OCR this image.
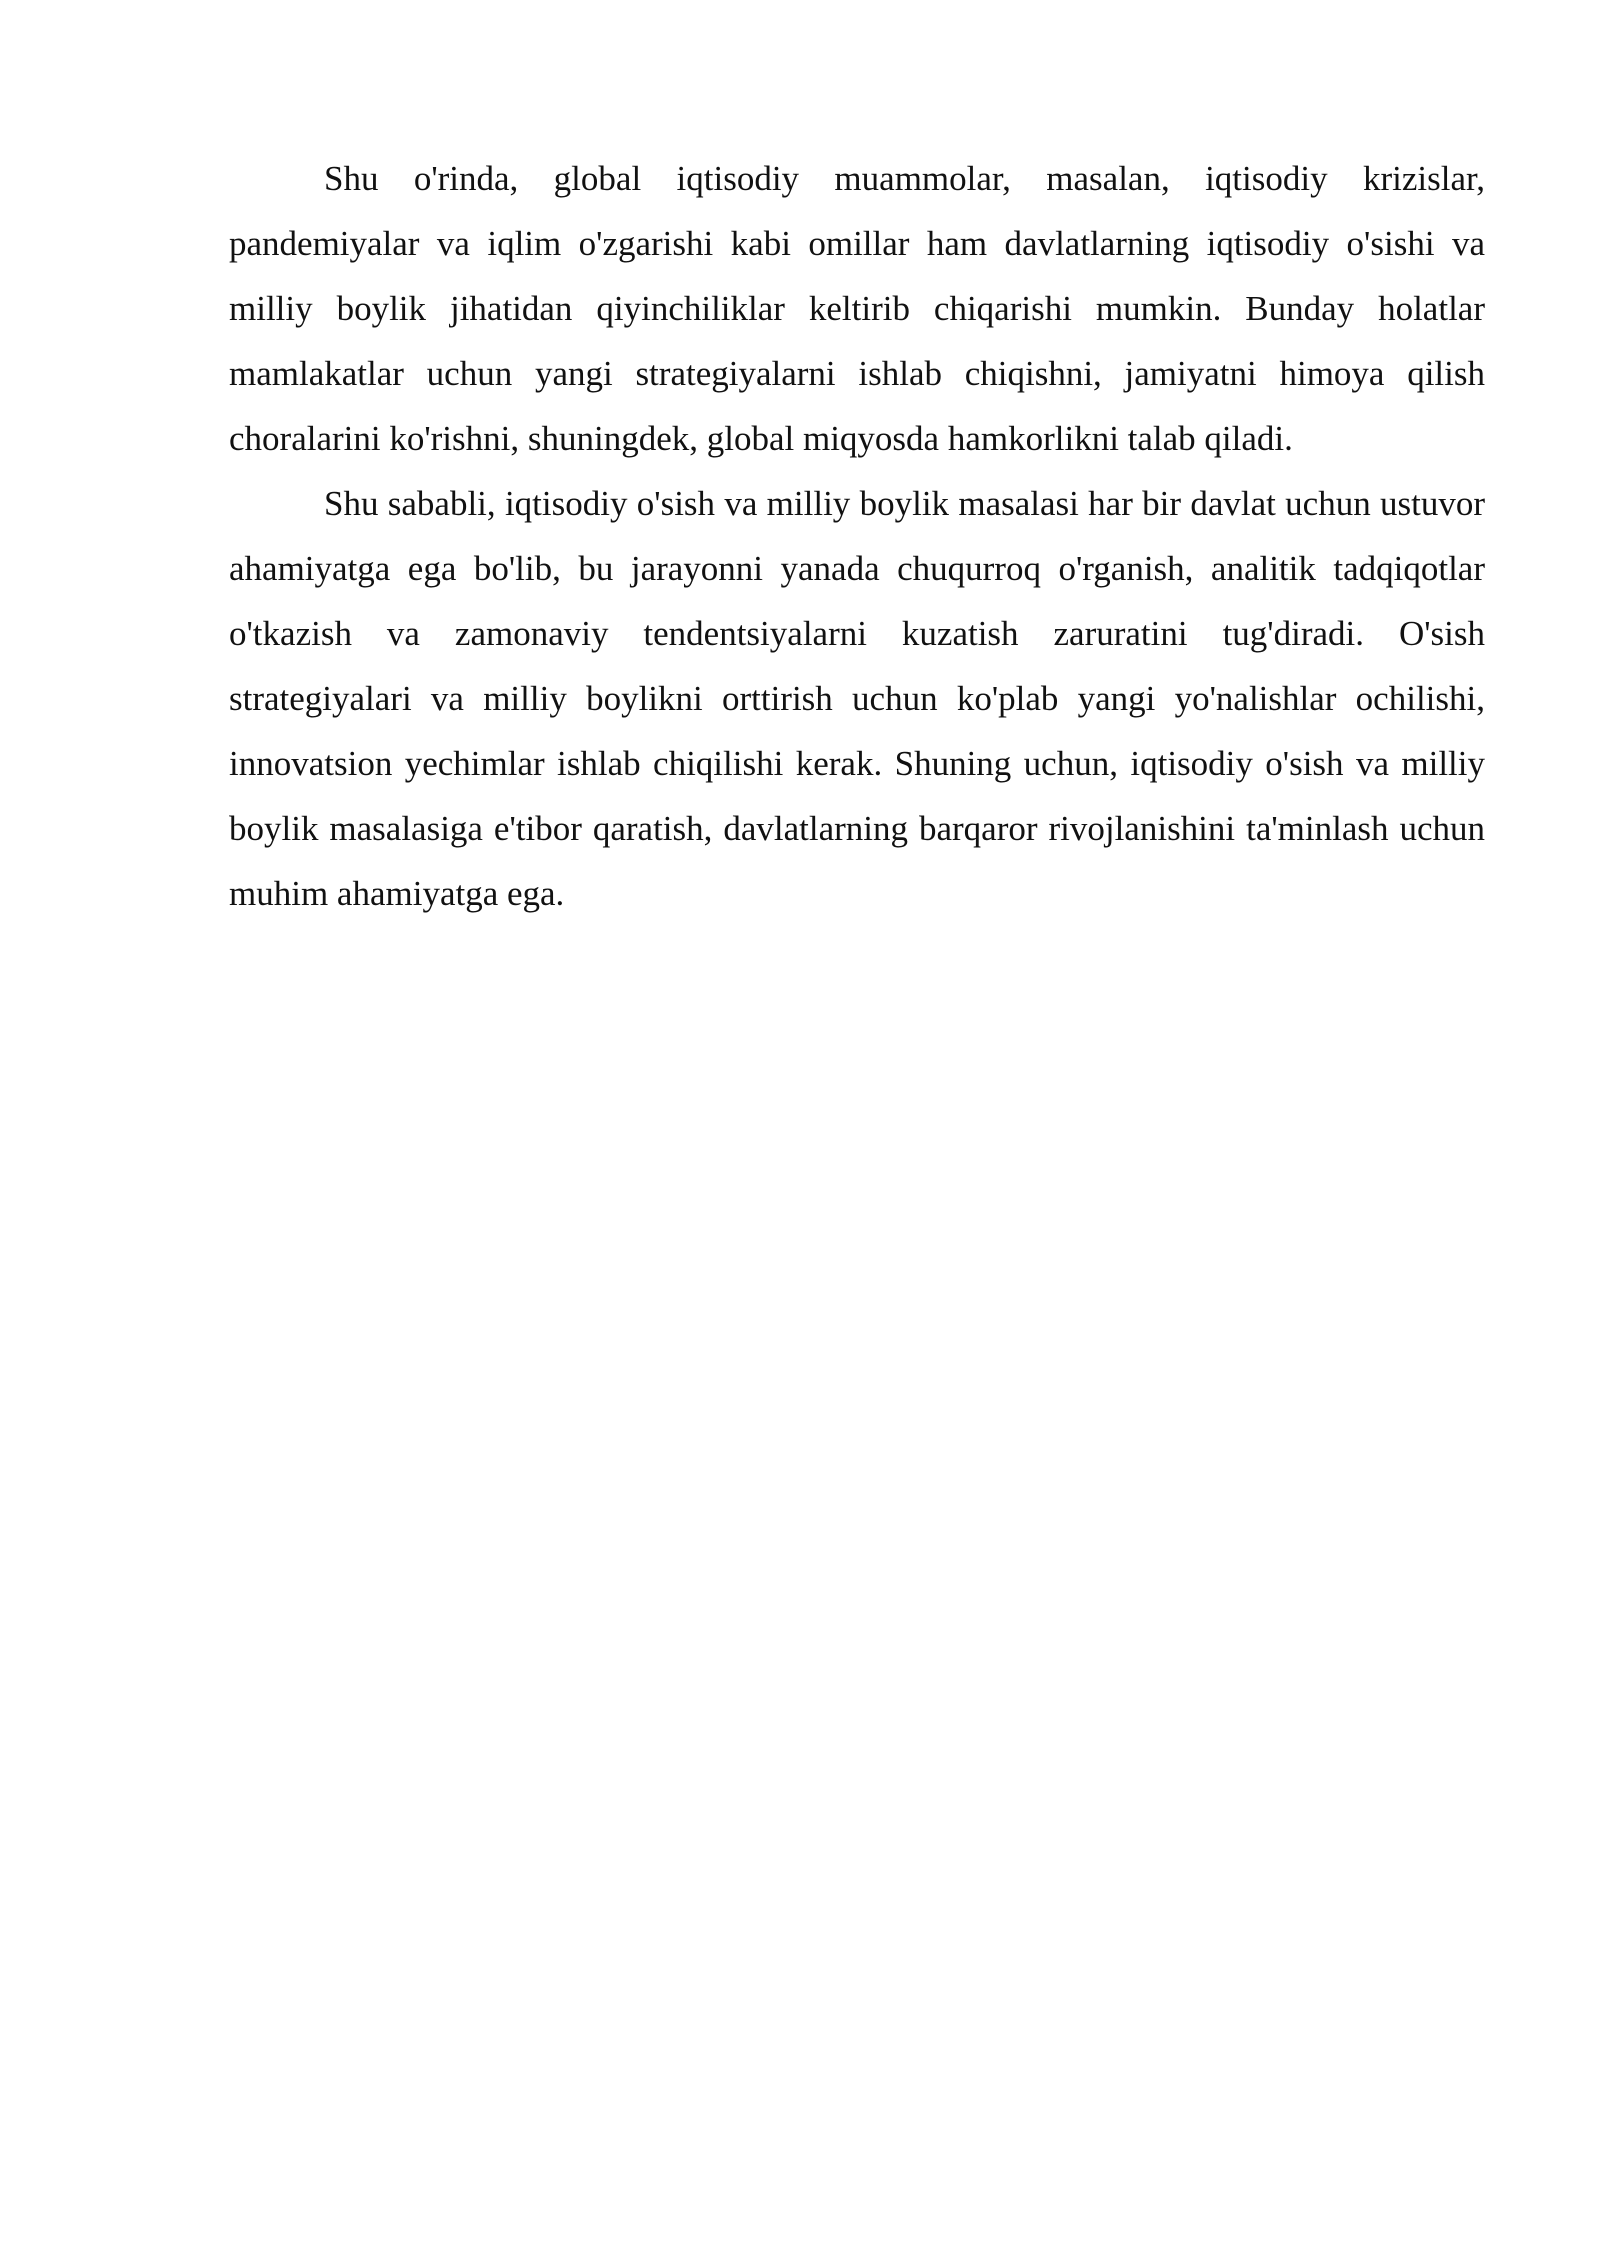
Shu o'rinda, global iqtisodiy muammolar, masalan, iqtisodiy krizislar, pandemiyalar va iqlim o'zgarishi kabi omillar ham davlatlarning iqtisodiy o'sishi va milliy boylik jihatidan qiyinchiliklar keltirib chiqarishi mumkin. Bunday holatlar mamlakatlar uchun yangi strategiyalarni ishlab chiqishni, jamiyatni himoya qilish choralarini ko'rishni, shuningdek, global miqyosda hamkorlikni talab qiladi.

Shu sababli, iqtisodiy o'sish va milliy boylik masalasi har bir davlat uchun ustuvor ahamiyatga ega bo'lib, bu jarayonni yanada chuqurroq o'rganish, analitik tadqiqotlar o'tkazish va zamonaviy tendentsiyalarni kuzatish zaruratini tug'diradi. O'sish strategiyalari va milliy boylikni orttirish uchun ko'plab yangi yo'nalishlar ochilishi, innovatsion yechimlar ishlab chiqilishi kerak. Shuning uchun, iqtisodiy o'sish va milliy boylik masalasiga e'tibor qaratish, davlatlarning barqaror rivojlanishini ta'minlash uchun muhim ahamiyatga ega.
